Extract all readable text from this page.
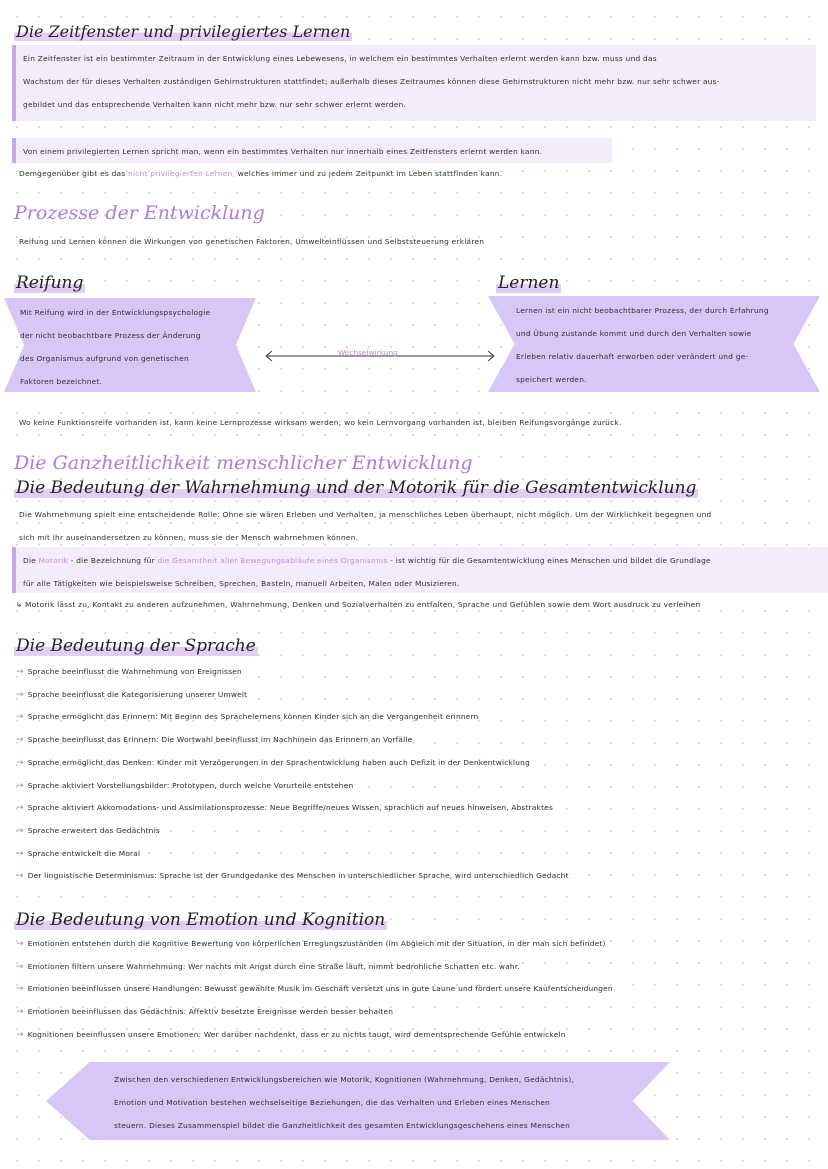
Die Zeitfenster und privilegiertes Lernen
Ein Zeitfenster ist ein bestimmter Zeitraum in der Entwicklung eines Lebewesens, in welchem ein bestimmtes Verhalten erlernt werden kann bzw. muss und das
Wachstum der für dieses Verhalten zuständigen Gehirnstrukturen stattfindet; außerhalb dieses Zeitraumes können diese Gehirnstrukturen nicht mehr bzw. nur sehr schwer aus-
gebildet und das entsprechende Verhalten kann nicht mehr bzw. nur sehr schwer erlernt werden.
Von einem privilegierten Lernen spricht man, wenn ein bestimmtes Verhalten nur innerhalb eines Zeitfensters erlernt werden kann.
Demgegenüber gibt es das nicht privilegierten Lernen, welches immer und zu jedem Zeitpunkt im Leben stattfinden kann.
Prozesse der Entwicklung
Reifung und Lernen können die Wirkungen von genetischen Faktoren, Umwelteinflüssen und Selbststeuerung erklären
Reifung	Lernen
Mit Reifung wird in der Entwicklungspsychologie
der nicht beobachtbare Prozess der Änderung
des Organismus aufgrund von genetischen
Faktoren bezeichnet.
Lernen ist ein nicht beobachtbarer Prozess, der durch Erfahrung
und Übung zustande kommt und durch den Verhalten sowie
Erleben relativ dauerhaft erworben oder verändert und ge-
speichert werden.
Wechselwirkung
Wo keine Funktionsreife vorhanden ist, kann keine Lernprozesse wirksam werden; wo kein Lernvorgang vorhanden ist, bleiben Reifungsvorgänge zurück.
Die Ganzheitlichkeit menschlicher Entwicklung
Die Bedeutung der Wahrnehmung und der Motorik für die Gesamtentwicklung
Die Wahrnehmung spielt eine entscheidende Rolle: Ohne sie wären Erleben und Verhalten, ja menschliches Leben überhaupt, nicht möglich. Um der Wirklichkeit begegnen und
sich mit ihr auseinandersetzen zu können, muss sie der Mensch wahrnehmen können.
Die Motorik - die Bezeichnung für die Gesamtheit aller Bewegungsabläufe eines Organismus - ist wichtig für die Gesamtentwicklung eines Menschen und bildet die Grundlage
für alle Tätigkeiten wie beispielsweise Schreiben, Sprechen, Basteln, manuell Arbeiten, Malen oder Musizieren.
↳ Motorik lässt zu, Kontakt zu anderen aufzunehmen, Wahrnehmung, Denken und Sozialverhalten zu entfalten, Sprache und Gefühlen sowie dem Wort ausdruck zu verleihen
Die Bedeutung der Sprache
→ Sprache beeinflusst die Wahrnehmung von Ereignissen
→ Sprache beeinflusst die Kategorisierung unserer Umwelt
→ Sprache ermöglicht das Erinnern: Mit Beginn des Sprachelernens können Kinder sich an die Vergangenheit erinnern
→ Sprache beeinflusst das Erinnern: Die Wortwahl beeinflusst im Nachhinein das Erinnern an Vorfälle
→ Sprache ermöglicht das Denken: Kinder mit Verzögerungen in der Sprachentwicklung haben auch Defizit in der Denkentwicklung
→ Sprache aktiviert Vorstellungsbilder: Prototypen, durch welche Vorurteile entstehen
→ Sprache aktiviert Akkomodations- und Assimilationsprozesse: Neue Begriffe/neues Wissen, sprachlich auf neues hinweisen, Abstraktes
→ Sprache erweitert das Gedächtnis
→ Sprache entwickelt die Moral
→ Der linguistische Determinismus: Sprache ist der Grundgedanke des Menschen in unterschiedlicher Sprache, wird unterschiedlich Gedacht
Die Bedeutung von Emotion und Kognition
→ Emotionen entstehen durch die Kognitive Bewertung von körperlichen Erregungszuständen (im Abgleich mit der Situation, in der man sich befindet)
→ Emotionen filtern unsere Wahrnehmung: Wer nachts mit Angst durch eine Straße läuft, nimmt bedrohliche Schatten etc. wahr.
→ Emotionen beeinflussen unsere Handlungen: Bewusst gewählte Musik im Geschäft versetzt uns in gute Laune und fördert unsere Kaufentscheidungen
→ Emotionen beeinflussen das Gedächtnis: Affektiv besetzte Ereignisse werden besser behalten
→ Kognitionen beeinflussen unsere Emotionen: Wer darüber nachdenkt, dass er zu nichts taugt, wird dementsprechende Gefühle entwickeln
Zwischen den verschiedenen Entwicklungsbereichen wie Motorik, Kognitionen (Wahrnehmung, Denken, Gedächtnis),
Emotion und Motivation bestehen wechselseitige Beziehungen, die das Verhalten und Erleben eines Menschen
steuern. Dieses Zusammenspiel bildet die Ganzheitlichkeit des gesamten Entwicklungsgeschehens eines Menschen
